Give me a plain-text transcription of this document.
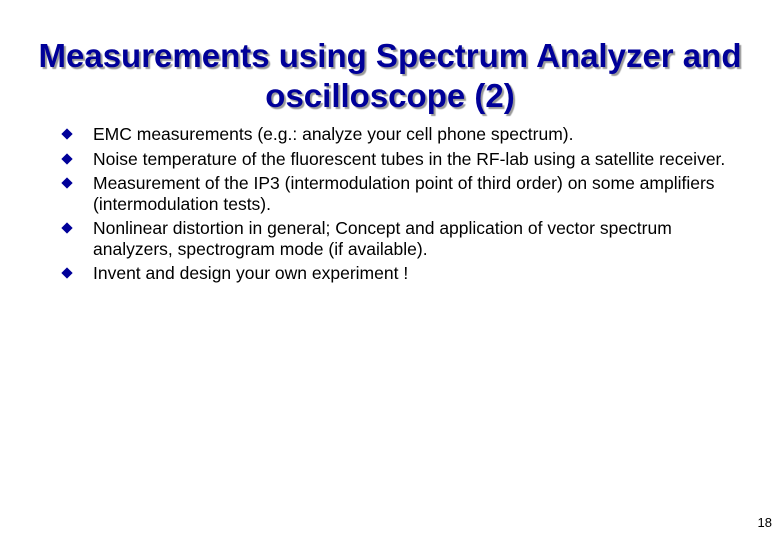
Measurements using Spectrum Analyzer and
oscilloscope (2)
EMC measurements (e.g.: analyze your cell phone spectrum).
Noise temperature of the fluorescent tubes in the RF-lab using a satellite receiver.
Measurement of the IP3 (intermodulation point of third order) on some amplifiers (intermodulation tests).
Nonlinear distortion in general; Concept and application of vector spectrum analyzers, spectrogram mode (if available).
Invent and design your own experiment !
18
